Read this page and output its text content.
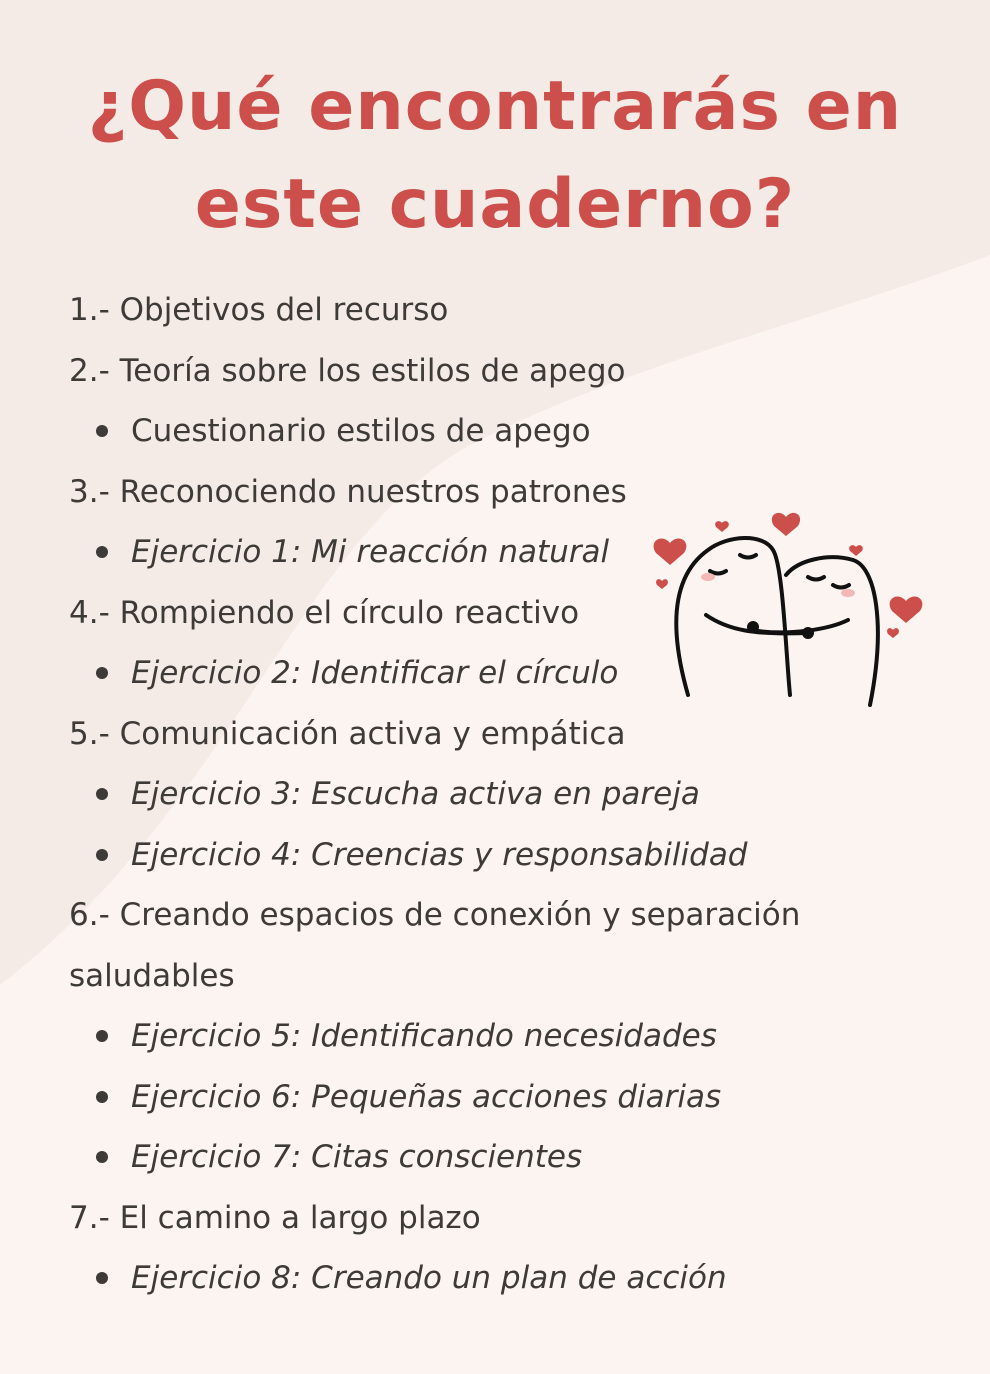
¿Qué encontrarás en
este cuaderno?
1.- Objetivos del recurso
2.- Teoría sobre los estilos de apego
Cuestionario estilos de apego
3.- Reconociendo nuestros patrones
Ejercicio 1: Mi reacción natural
4.- Rompiendo el círculo reactivo
Ejercicio 2: Identificar el círculo
5.- Comunicación activa y empática
Ejercicio 3: Escucha activa en pareja
Ejercicio 4: Creencias y responsabilidad
6.- Creando espacios de conexión y separación
saludables
Ejercicio 5: Identificando necesidades
Ejercicio 6: Pequeñas acciones diarias
Ejercicio 7: Citas conscientes
7.- El camino a largo plazo
Ejercicio 8: Creando un plan de acción
